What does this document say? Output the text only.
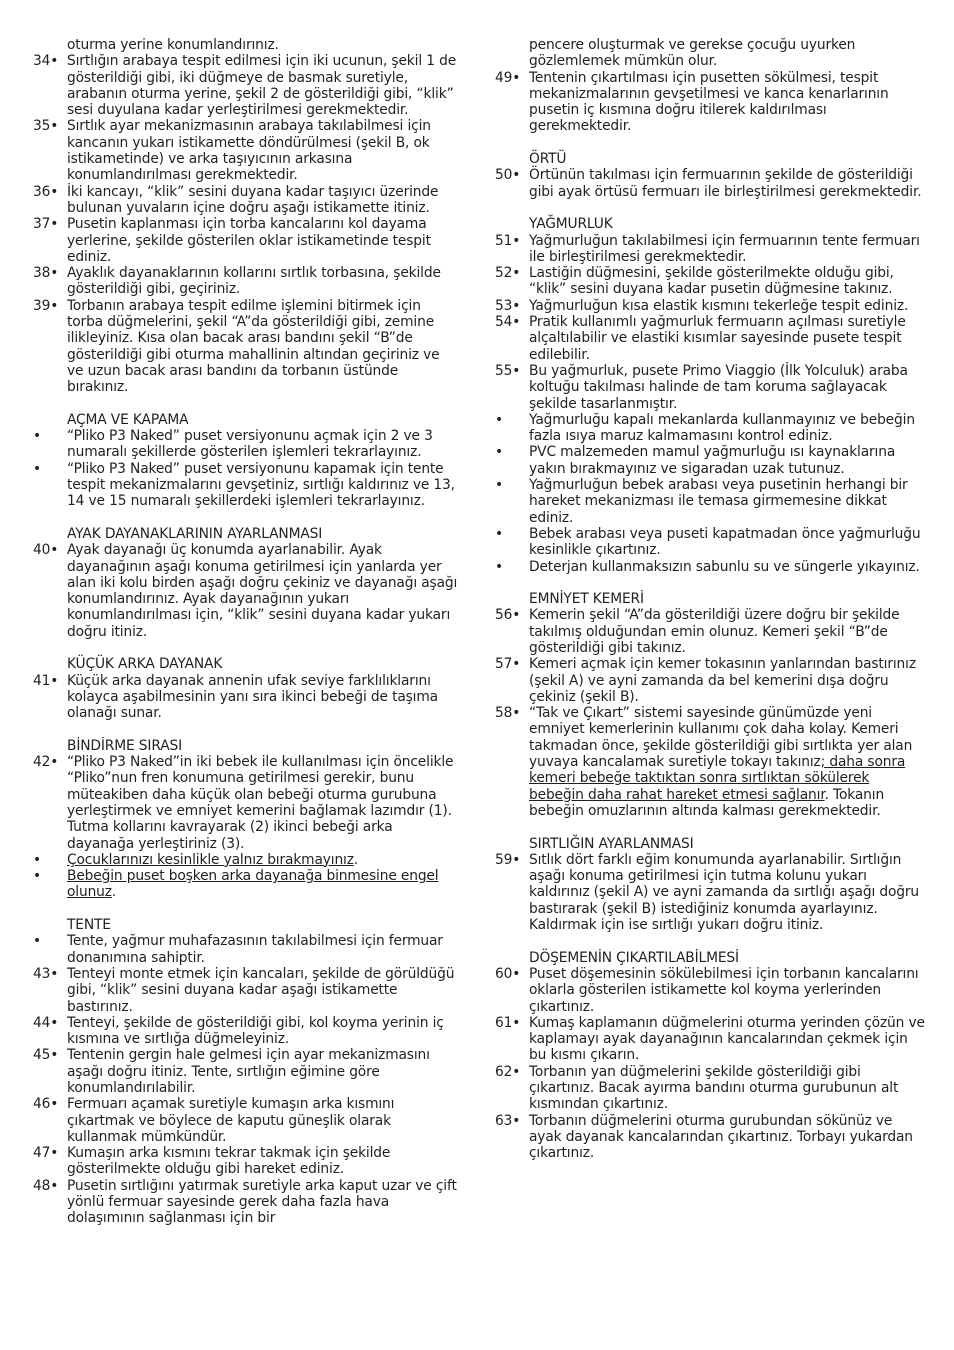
oturma yerine konumlandırınız.
34• Sırtlığın arabaya tespit edilmesi için iki ucunun, şekil 1 de gösterildiği gibi, iki düğmeye de basmak suretiyle, arabanın oturma yerine, şekil 2 de gösterildiği gibi, “klik” sesi duyulana kadar yerleştirilmesi gerekmektedir.
35• Sırtlık ayar mekanizmasının arabaya takılabilmesi için kancanın yukarı istikamette döndürülmesi (şekil B, ok istikametinde) ve arka taşıyıcının arkasına konumlandırılması gerekmektedir.
36• İki kancayı, “klik” sesini duyana kadar taşıyıcı üzerinde bulunan yuvaların içine doğru aşağı istikamette itiniz.
37• Pusetin kaplanması için torba kancalarını kol dayama yerlerine, şekilde gösterilen oklar istikametinde tespit ediniz.
38• Ayaklık dayanaklarının kollarını sırtlık torbasına, şekilde gösterildiği gibi, geçiriniz.
39• Torbanın arabaya tespit edilme işlemini bitirmek için torba düğmelerini, şekil “A”da gösterildiği gibi, zemine ilikleyiniz. Kısa olan bacak arası bandını şekil “B”de gösterildiği gibi oturma mahallinin altından geçiriniz ve ve uzun bacak arası bandını da torbanın üstünde bırakınız.
AÇMA VE KAPAMA
•	“Pliko P3 Naked” puset versiyonunu açmak için 2 ve 3 numaralı şekillerde gösterilen işlemleri tekrarlayınız.
•	“Pliko P3 Naked” puset versiyonunu kapamak için tente tespit mekanizmalarını gevşetiniz, sırtlığı kaldırınız ve 13, 14 ve 15 numaralı şekillerdeki işlemleri tekrarlayınız.
AYAK DAYANAKLARININ AYARLANMASI
40• Ayak dayanağı üç konumda ayarlanabilir. Ayak dayanağının aşağı konuma getirilmesi için yanlarda yer alan iki kolu birden aşağı doğru çekiniz ve dayanağı aşağı konumlandırınız. Ayak dayanağının yukarı konumlandırılması için, “klik” sesini duyana kadar yukarı doğru itiniz.
KÜÇÜK ARKA DAYANAK
41• Küçük arka dayanak annenin ufak seviye farklılıklarını kolayca aşabilmesinin yanı sıra ikinci bebeği de taşıma olanağı sunar.
BİNDİRME SIRASI
42• “Pliko P3 Naked”in iki bebek ile kullanılması için öncelikle “Pliko”nun fren konumuna getirilmesi gerekir, bunu müteakiben daha küçük olan bebeği oturma gurubuna yerleştirmek ve emniyet kemerini bağlamak lazımdır (1). Tutma kollarını kavrayarak (2) ikinci bebeği arka dayanağa yerleştiriniz (3).
•	Çocuklarınızı kesinlikle yalnız bırakmayınız.
•	Bebeğin puset boşken arka dayanağa binmesine engel olunuz.
TENTE
•	Tente, yağmur muhafazasının takılabilmesi için fermuar donanımına sahiptir.
43• Tenteyi monte etmek için kancaları, şekilde de görüldüğü gibi, “klik” sesini duyana kadar aşağı istikamette bastırınız.
44• Tenteyi, şekilde de gösterildiği gibi, kol koyma yerinin iç kısmına ve sırtlığa düğmeleyiniz.
45• Tentenin gergin hale gelmesi için ayar mekanizmasını aşağı doğru itiniz. Tente, sırtlığın eğimine göre konumlandırılabilir.
46• Fermuarı açamak suretiyle kumaşın arka kısmını çıkartmak ve böylece de kaputu güneşlik olarak kullanmak mümkündür.
47• Kumaşın arka kısmını tekrar takmak için şekilde gösterilmekte olduğu gibi hareket ediniz.
48• Pusetin sırtlığını yatırmak suretiyle arka kaput uzar ve çift yönlü fermuar sayesinde gerek daha fazla hava dolaşımının sağlanması için bir
pencere oluşturmak ve gerekse çocuğu uyurken gözlemlemek mümkün olur.
49• Tentenin çıkartılması için pusetten sökülmesi, tespit mekanizmalarının gevşetilmesi ve kanca kenarlarının pusetin iç kısmına doğru itilerek kaldırılması gerekmektedir.
ÖRTÜ
50• Örtünün takılması için fermuarının şekilde de gösterildiği gibi ayak örtüsü fermuarı ile birleştirilmesi gerekmektedir.
YAĞMURLUK
51• Yağmurluğun takılabilmesi için fermuarının tente fermuarı ile birleştirilmesi gerekmektedir.
52• Lastiğin düğmesini, şekilde gösterilmekte olduğu gibi, “klik” sesini duyana kadar pusetin düğmesine takınız.
53• Yağmurluğun kısa elastik kısmını tekerleğe tespit ediniz.
54• Pratik kullanımlı yağmurluk fermuarın açılması suretiyle alçaltılabilir ve elastiki kısımlar sayesinde pusete tespit edilebilir.
55• Bu yağmurluk, pusete Primo Viaggio (İlk Yolculuk) araba koltuğu takılması halinde de tam koruma sağlayacak şekilde tasarlanmıştır.
•	Yağmurluğu kapalı mekanlarda kullanmayınız ve bebeğin fazla ısıya maruz kalmamasını kontrol ediniz.
•	PVC malzemeden mamul yağmurluğu ısı kaynaklarına yakın bırakmayınız ve sigaradan uzak tutunuz.
•	Yağmurluğun bebek arabası veya pusetinin herhangi bir hareket mekanizması ile temasa girmemesine dikkat ediniz.
•	Bebek arabası veya puseti kapatmadan önce yağmurluğu kesinlikle çıkartınız.
•	Deterjan kullanmaksızın sabunlu su ve süngerle yıkayınız.
EMNİYET KEMERİ
56• Kemerin şekil “A”da gösterildiği üzere doğru bir şekilde takılmış olduğundan emin olunuz. Kemeri şekil “B”de gösterildiği gibi takınız.
57• Kemeri açmak için kemer tokasının yanlarından bastırınız (şekil A) ve ayni zamanda da bel kemerini dışa doğru çekiniz (şekil B).
58• “Tak ve Çıkart” sistemi sayesinde günümüzde yeni emniyet kemerlerinin kullanımı çok daha kolay. Kemeri takmadan önce, şekilde gösterildiği gibi sırtlıkta yer alan yuvaya kancalamak suretiyle tokayı takınız; daha sonra kemeri bebeğe taktıktan sonra sırtlıktan sökülerek bebeğin daha rahat hareket etmesi sağlanır. Tokanın bebeğin omuzlarının altında kalması gerekmektedir.
SIRTLIĞIN AYARLANMASI
59• Sıtlık dört farklı eğim konumunda ayarlanabilir. Sırtlığın aşağı konuma getirilmesi için tutma kolunu yukarı kaldırınız (şekil A) ve ayni zamanda da sırtlığı aşağı doğru bastırarak (şekil B) istediğiniz konumda ayarlayınız. Kaldırmak için ise sırtlığı yukarı doğru itiniz.
DÖŞEMENİN ÇIKARTILABİLMESİ
60• Puset döşemesinin sökülebilmesi için torbanın kancalarını oklarla gösterilen istikamette kol koyma yerlerinden çıkartınız.
61• Kumaş kaplamanın düğmelerini oturma yerinden çözün ve kaplamayı ayak dayanağının kancalarından çekmek için bu kısmı çıkarın.
62• Torbanın yan düğmelerini şekilde gösterildiği gibi çıkartınız. Bacak ayırma bandını oturma gurubunun alt kısmından çıkartınız.
63• Torbanın düğmelerini oturma gurubundan sökünüz ve ayak dayanak kancalarından çıkartınız. Torbayı yukardan çıkartınız.
